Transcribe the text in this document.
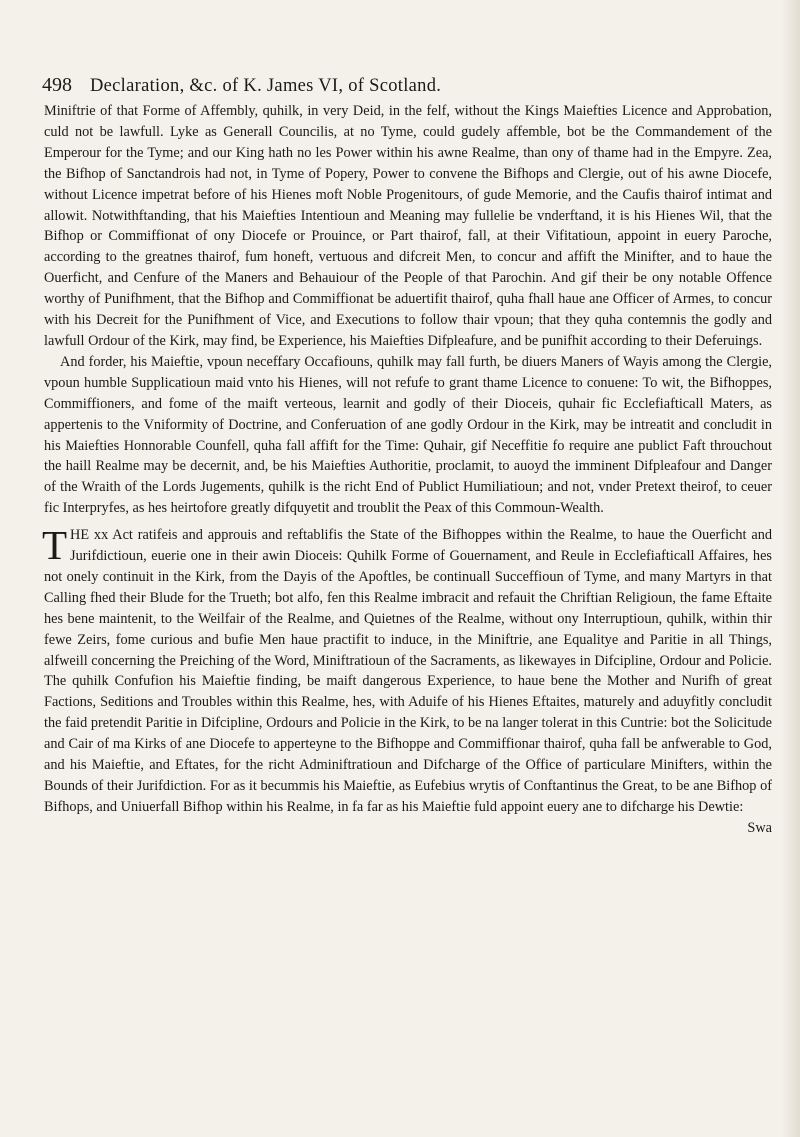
498 Declaration, &c. of K. James VI, of Scotland.

Miniftrie of that Forme of Affembly, quhilk, in very Deid, in the felf, without the Kings Maiefties Licence and Approbation, culd not be lawfull. Lyke as Generall Councilis, at no Tyme, could gudely affemble, bot be the Commandement of the Emperour for the Tyme; and our King hath no les Power within his awne Realme, than ony of thame had in the Empyre. Zea, the Bifhop of Sanctandrois had not, in Tyme of Popery, Power to convene the Bifhops and Clergie, out of his awne Diocefe, without Licence impetrat before of his Hienes moft Noble Progenitours, of gude Memorie, and the Caufis thairof intimat and allowit. Notwithftanding, that his Maiefties Intentioun and Meaning may fullelie be vnderftand, it is his Hienes Wil, that the Bifhop or Commiffionat of ony Diocefe or Prouince, or Part thairof, fall, at their Vifitatioun, appoint in euery Paroche, according to the greatnes thairof, fum honeft, vertuous and difcreit Men, to concur and affift the Minifter, and to haue the Ouerficht, and Cenfure of the Maners and Behauiour of the People of that Parochin. And gif their be ony notable Offence worthy of Punifhment, that the Bifhop and Commiffionat be aduertifit thairof, quha fhall haue ane Officer of Armes, to concur with his Decreit for the Punifhment of Vice, and Executions to follow thair vpoun; that they quha contemnis the godly and lawfull Ordour of the Kirk, may find, be Experience, his Maiefties Difpleafure, and be punifhit according to their Deferuings.

And forder, his Maieftie, vpoun neceffary Occafiouns, quhilk may fall furth, be diuers Maners of Wayis among the Clergie, vpoun humble Supplicatioun maid vnto his Hienes, will not refufe to grant thame Licence to conuene: To wit, the Bifhoppes, Commiffioners, and fome of the maift verteous, learnit and godly of their Dioceis, quhair fic Ecclefiafticall Maters, as appertenis to the Vniformity of Doctrine, and Conferuation of ane godly Ordour in the Kirk, may be intreatit and concludit in his Maiefties Honnorable Counfell, quha fall affift for the Time: Quhair, gif Neceffitie fo require ane publict Faft throuchout the haill Realme may be decernit, and, be his Maiefties Authoritie, proclamit, to auoyd the imminent Difpleafour and Danger of the Wraith of the Lords Jugements, quhilk is the richt End of Publict Humiliatioun; and not, vnder Pretext theirof, to ceuer fic Interpryfes, as hes heirtofore greatly difquyetit and troublit the Peax of this Commoun-Wealth.

THE xx Act ratifeis and approuis and reftablifis the State of the Bifhoppes within the Realme, to haue the Ouerficht and Jurifdictioun, euerie one in their awin Dioceis: Quhilk Forme of Gouernament, and Reule in Ecclefiafticall Affaires, hes not onely continuit in the Kirk, from the Dayis of the Apoftles, be continuall Succeffioun of Tyme, and many Martyrs in that Calling fhed their Blude for the Trueth; bot alfo, fen this Realme imbracit and refauit the Chriftian Religioun, the fame Eftaite hes bene maintenit, to the Weilfair of the Realme, and Quietnes of the Realme, without ony Interruptioun, quhilk, within thir fewe Zeirs, fome curious and bufie Men haue practifit to induce, in the Miniftrie, ane Equalitye and Paritie in all Things, alfweill concerning the Preiching of the Word, Miniftratioun of the Sacraments, as likewayes in Difcipline, Ordour and Policie. The quhilk Confufion his Maieftie finding, be maift dangerous Experience, to haue bene the Mother and Nurifh of great Factions, Seditions and Troubles within this Realme, hes, with Aduife of his Hienes Eftaites, maturely and aduyfitly concludit the faid pretendit Paritie in Difcipline, Ordours and Policie in the Kirk, to be na langer tolerat in this Cuntrie: bot the Solicitude and Cair of ma Kirks of ane Diocefe to apperteyne to the Bifhoppe and Commiffionar thairof, quha fall be anfwerable to God, and his Maieftie, and Eftates, for the richt Adminiftratioun and Difcharge of the Office of particulare Minifters, within the Bounds of their Jurifdiction. For as it becummis his Maieftie, as Eufebius wrytis of Conftantinus the Great, to be ane Bifhop of Bifhops, and Uniuerfall Bifhop within his Realme, in fa far as his Maieftie fuld appoint euery ane to difcharge his Dewtie:

Swa
